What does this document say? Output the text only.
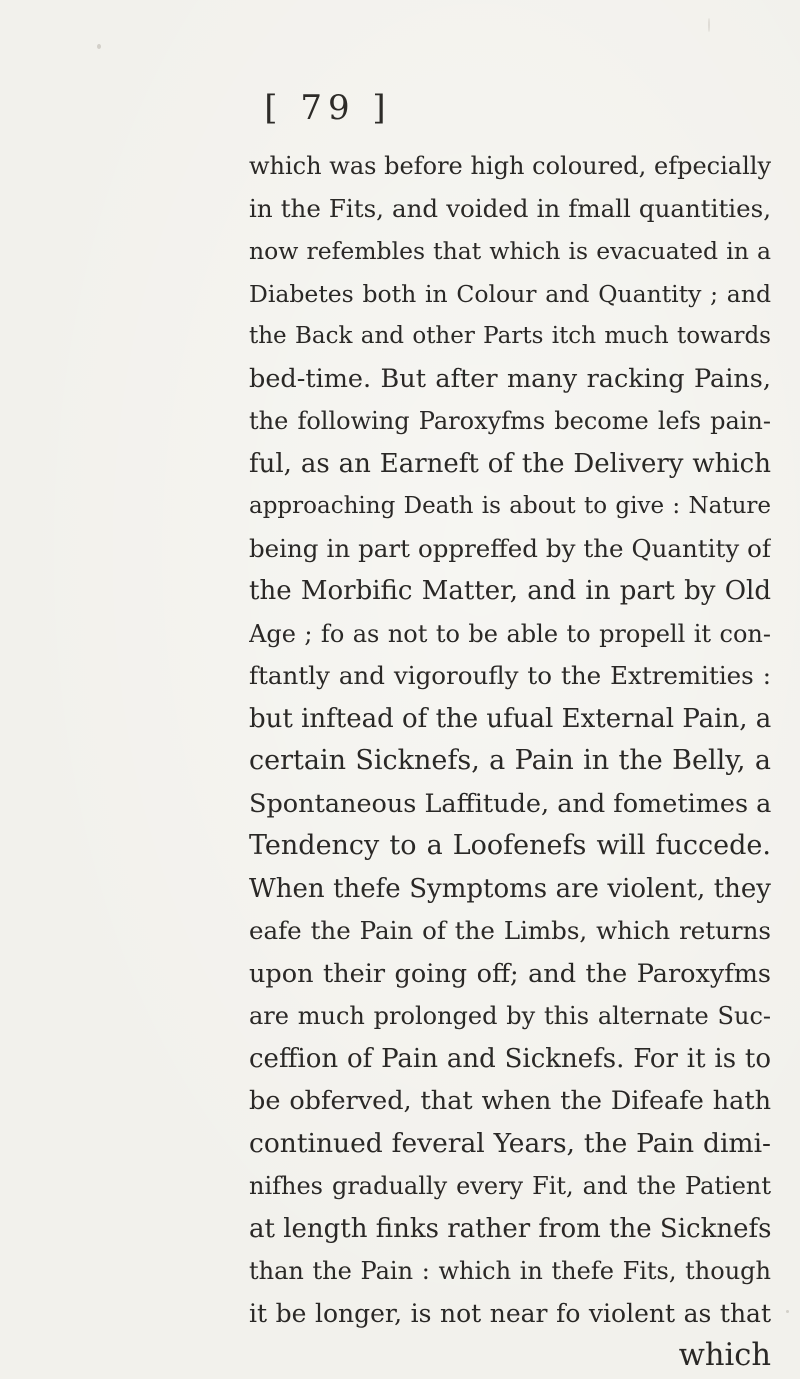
[ 79 ]
which was before high coloured, efpecially
in the Fits, and voided in fmall quantities,
now refembles that which is evacuated in a
Diabetes both in Colour and Quantity ; and
the Back and other Parts itch much towards
bed-time. But after many racking Pains,
the following Paroxyfms become lefs pain-
ful, as an Earneft of the Delivery which
approaching Death is about to give : Nature
being in part oppreffed by the Quantity of
the Morbific Matter, and in part by Old
Age ; fo as not to be able to propell it con-
ftantly and vigoroufly to the Extremities :
but inftead of the ufual External Pain, a
certain Sicknefs, a Pain in the Belly, a
Spontaneous Laffitude, and fometimes a
Tendency to a Loofenefs will fuccede.
When thefe Symptoms are violent, they
eafe the Pain of the Limbs, which returns
upon their going off; and the Paroxyfms
are much prolonged by this alternate Suc-
ceffion of Pain and Sicknefs. For it is to
be obferved, that when the Difeafe hath
continued feveral Years, the Pain dimi-
nifhes gradually every Fit, and the Patient
at length finks rather from the Sicknefs
than the Pain : which in thefe Fits, though
it be longer, is not near fo violent as that
which
